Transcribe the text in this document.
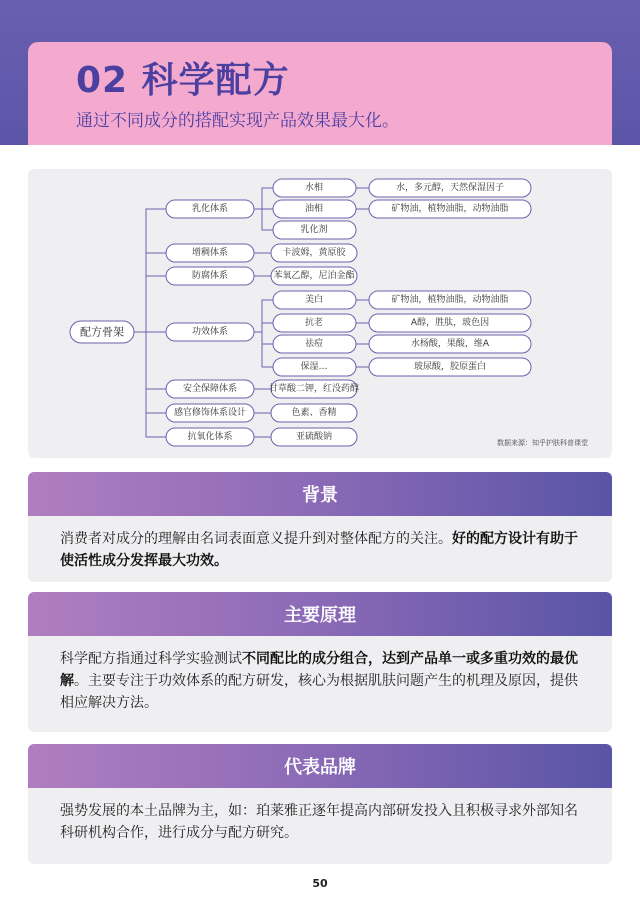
02 科学配方
通过不同成分的搭配实现产品效果最大化。
配方骨架
乳化体系
增稠体系
防腐体系
功效体系
安全保障体系
感官修饰体系设计
抗氧化体系
水相
油相
乳化剂
卡波姆，黄原胶
苯氧乙醇，尼泊金酯
美白
抗老
祛痘
保湿…
甘草酸二钾，红没药醇
色素、香精
亚硫酸钠
水，多元醇，天然保湿因子
矿物油，植物油脂，动物油脂
矿物油，植物油脂，动物油脂
A醇，胜肽，玻色因
水杨酸，果酸，维A
玻尿酸，胶原蛋白
数据来源：知乎护肤科普课堂
背景
消费者对成分的理解由名词表面意义提升到对整体配方的关注。好的配方设计有助于使活性成分发挥最大功效。
主要原理
科学配方指通过科学实验测试不同配比的成分组合，达到产品单一或多重功效的最优解。主要专注于功效体系的配方研发，核心为根据肌肤问题产生的机理及原因，提供相应解决方法。
代表品牌
强势发展的本土品牌为主，如：珀莱雅正逐年提高内部研发投入且积极寻求外部知名科研机构合作，进行成分与配方研究。
50
